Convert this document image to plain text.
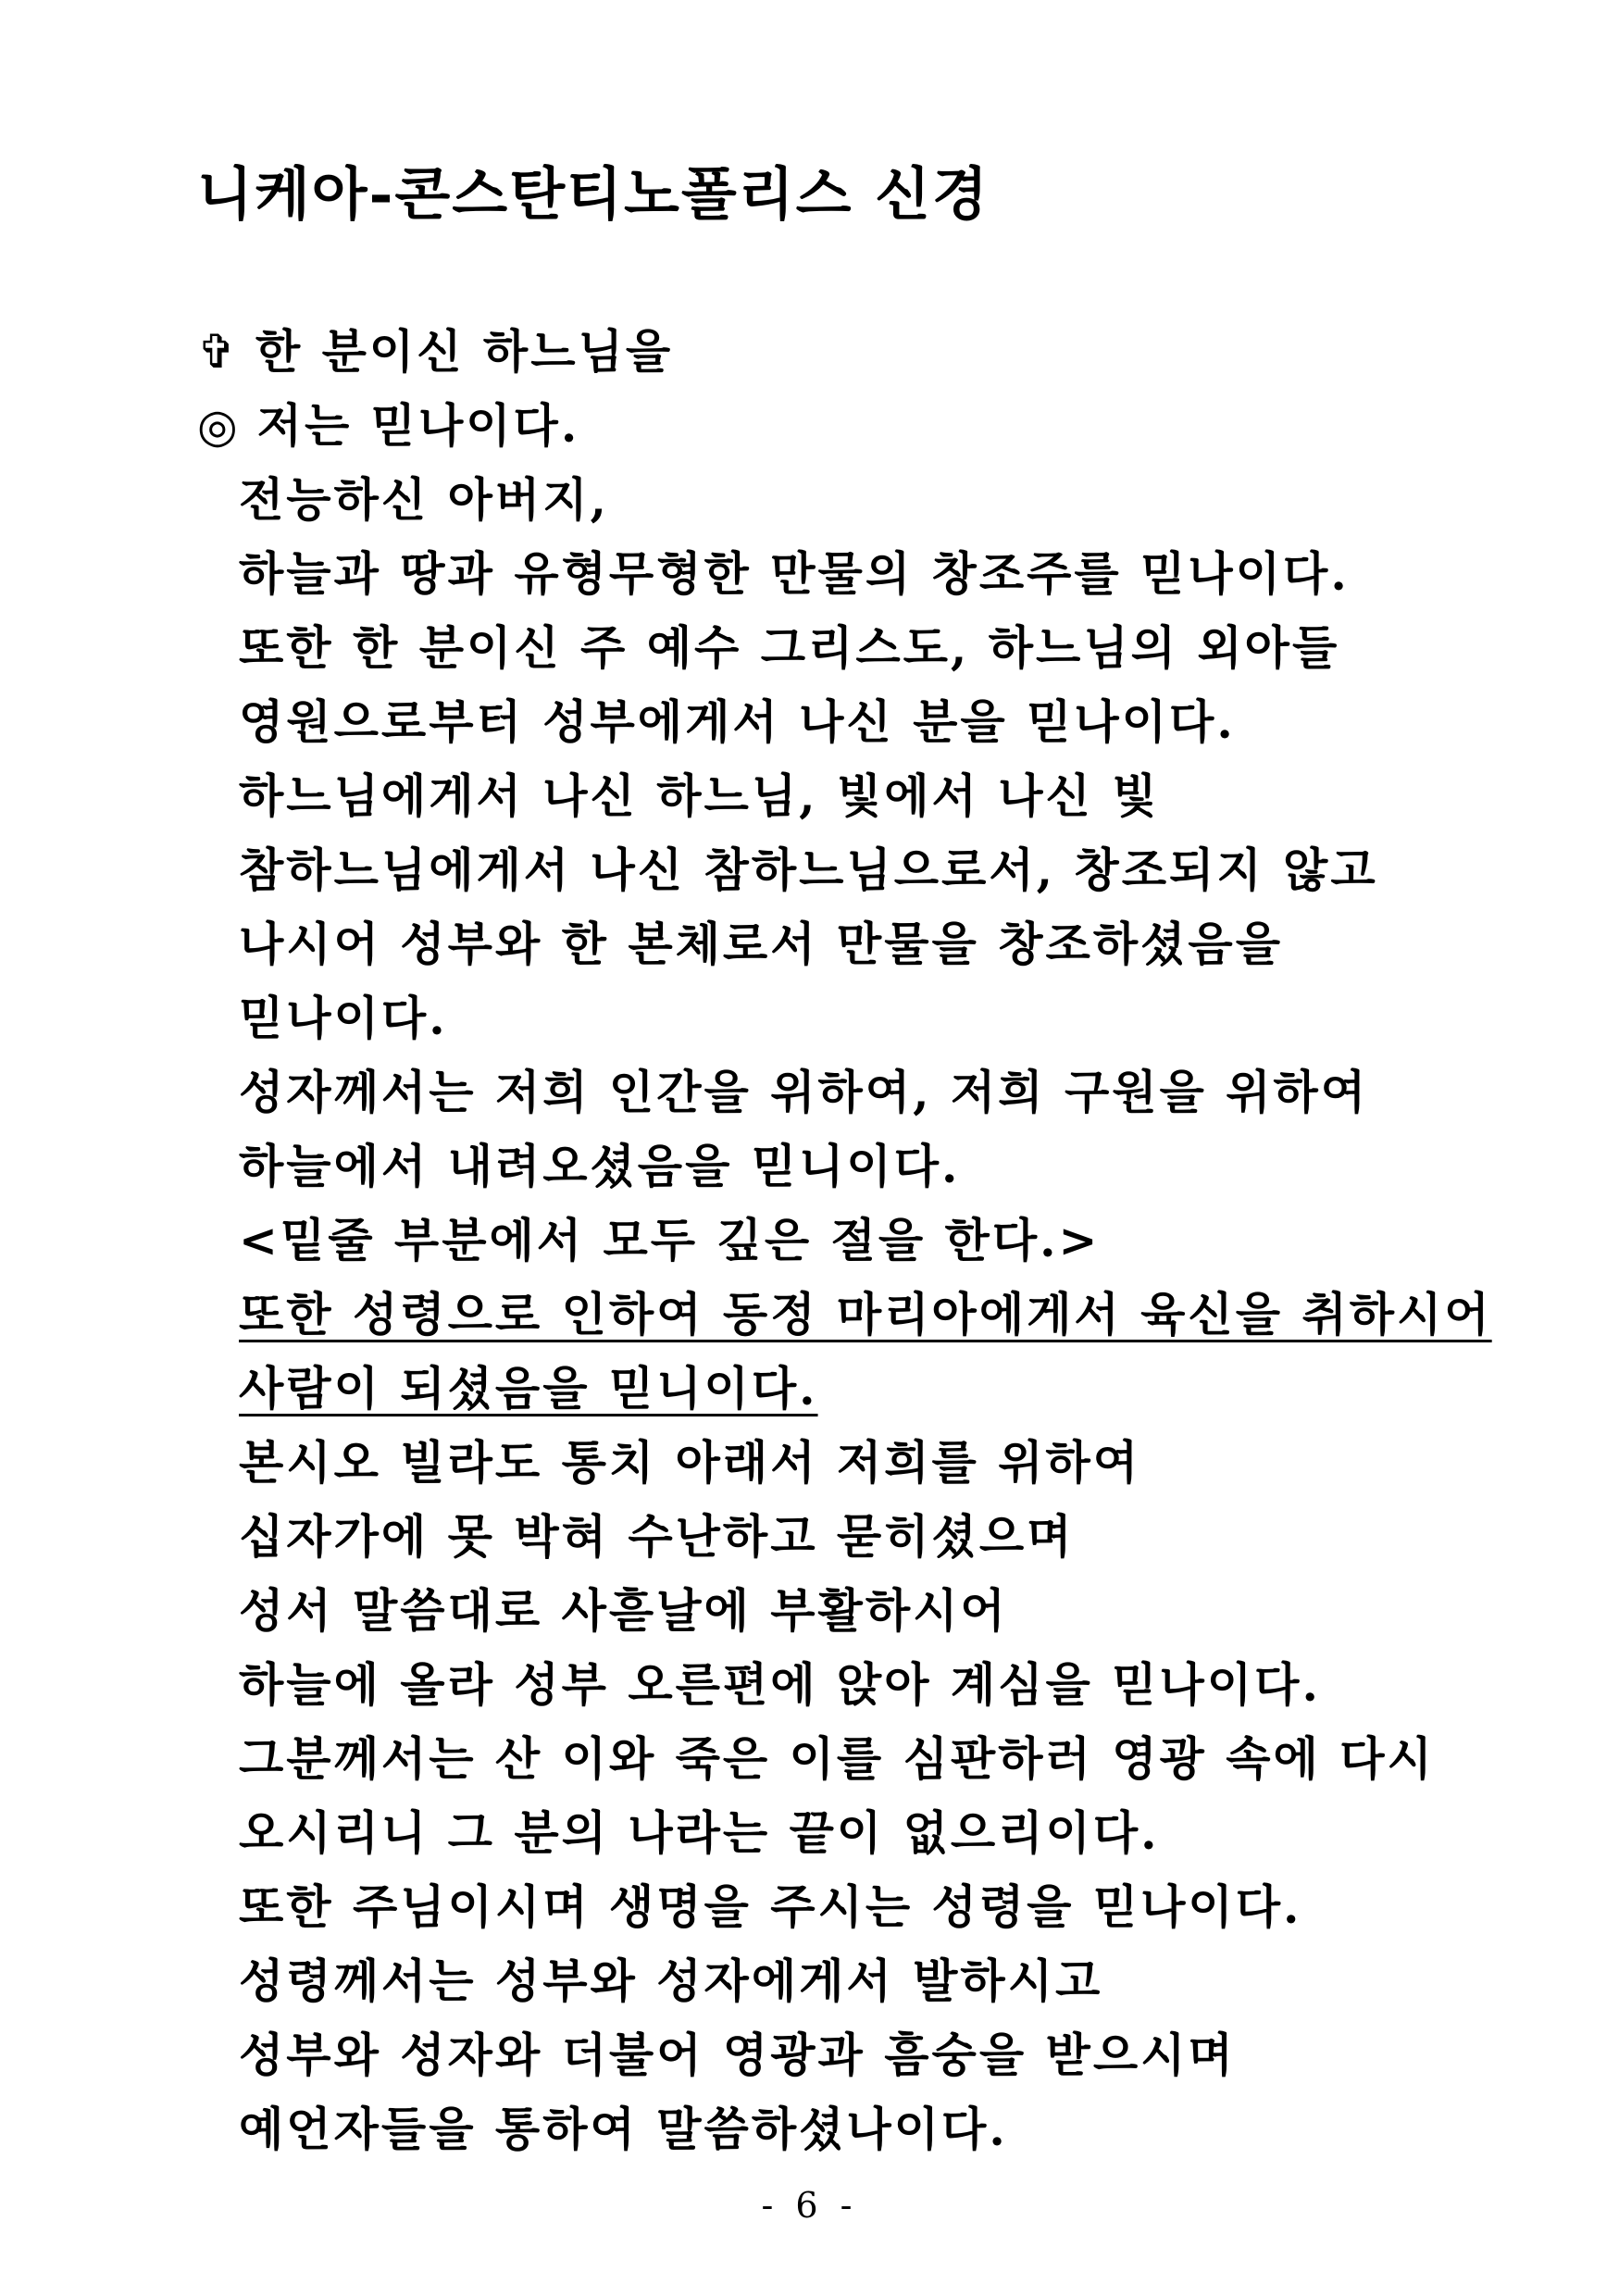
니케아-콘스탄티노폴리스 신경
✞ 한 분이신 하느님을
◎ 저는 믿나이다.
전능하신 아버지,
하늘과 땅과 유형무형한 만물의 창조주를 믿나이다.
또한 한 분이신 주 예수 그리스도, 하느님의 외아들
영원으로부터 성부에게서 나신 분을 믿나이다.
하느님에게서 나신 하느님, 빛에서 나신 빛
참하느님에게서 나신 참하느님으로서, 창조되지 않고
나시어 성부와 한 본체로서 만물을 창조하셨음을
믿나이다.
성자께서는 저희 인간을 위하여, 저희 구원을 위하여
하늘에서 내려오셨음을 믿니이다.
<밑줄 부분에서 모두 깊은 절을 한다.>
또한 성령으로 인하여 동정 마리아에게서 육신을 취하시어
사람이 되셨음을 믿니이다.
본시오 빌라도 통치 아래서 저희를 위하여
십자가에 못 박혀 수난하고 묻히셨으며
성서 말씀대로 사흗날에 부활하시어
하늘에 올라 성부 오른편에 앉아 계심을 믿나이다.
그분께서는 산 이와 죽은 이를 심판하러 영광 속에 다시
오시리니 그 분의 나라는 끝이 없으리이다.
또한 주님이시며 생명을 주시는 성령을 믿나이다.
성령께서는 성부와 성자에게서 발하시고
성부와 성자와 더불어 영광과 흠숭을 받으시며
예언자들을 통하여 말씀하셨나이다.
- 6 -
